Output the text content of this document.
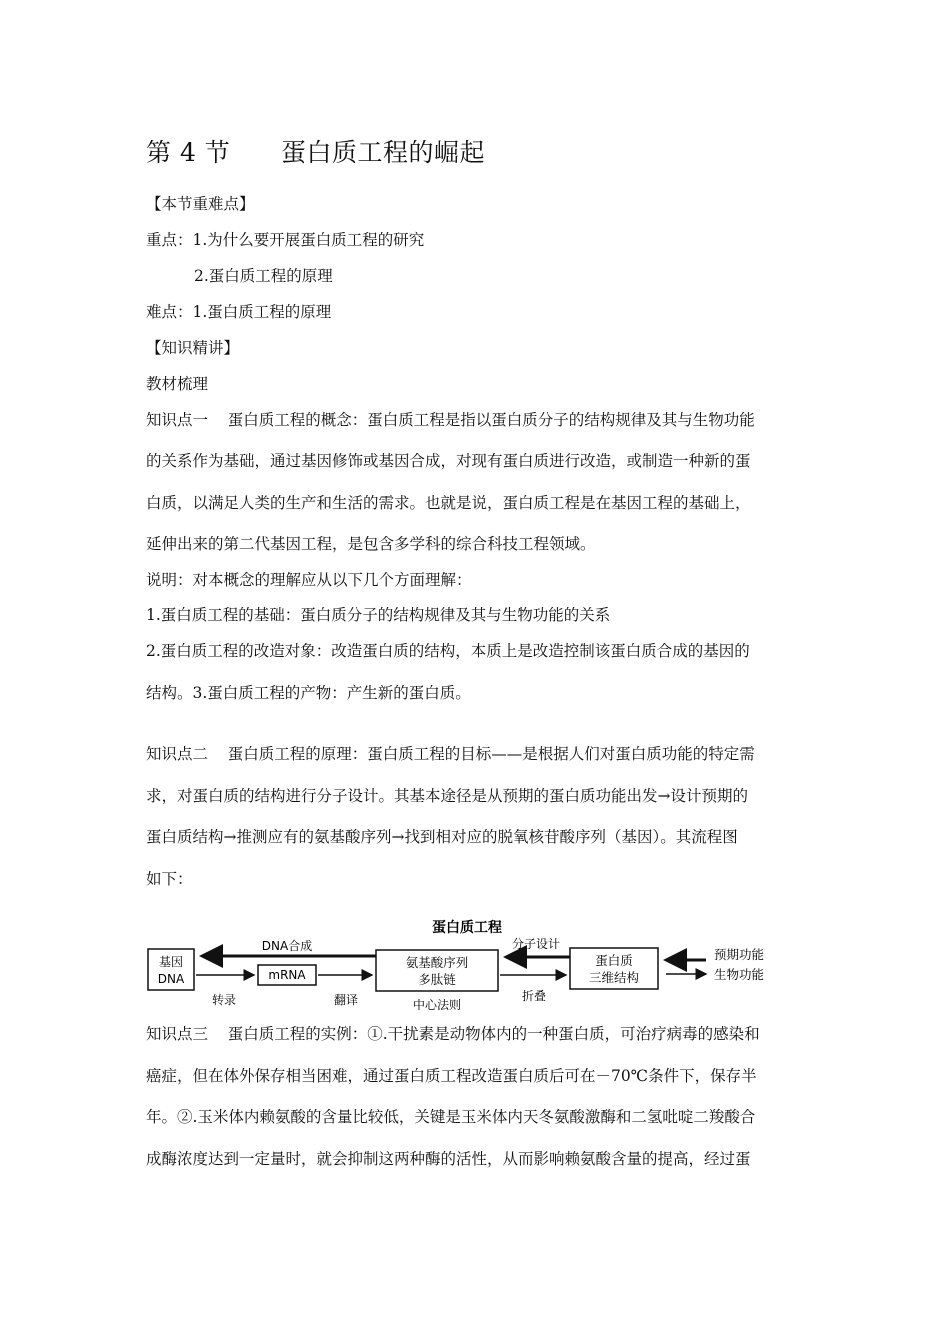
第 4 节      蛋白质工程的崛起
【本节重难点】
重点：1.为什么要开展蛋白质工程的研究
2.蛋白质工程的原理
难点：1.蛋白质工程的原理
【知识精讲】
教材梳理
知识点一    蛋白质工程的概念：蛋白质工程是指以蛋白质分子的结构规律及其与生物功能
的关系作为基础，通过基因修饰或基因合成，对现有蛋白质进行改造，或制造一种新的蛋
白质，以满足人类的生产和生活的需求。也就是说，蛋白质工程是在基因工程的基础上，
延伸出来的第二代基因工程，是包含多学科的综合科技工程领域。
说明：对本概念的理解应从以下几个方面理解：
1.蛋白质工程的基础：蛋白质分子的结构规律及其与生物功能的关系
2.蛋白质工程的改造对象：改造蛋白质的结构，本质上是改造控制该蛋白质合成的基因的
结构。3.蛋白质工程的产物：产生新的蛋白质。
知识点二    蛋白质工程的原理：蛋白质工程的目标——是根据人们对蛋白质功能的特定需
求，对蛋白质的结构进行分子设计。其基本途径是从预期的蛋白质功能出发→设计预期的
蛋白质结构→推测应有的氨基酸序列→找到相对应的脱氧核苷酸序列（基因）。其流程图
如下：
蛋白质工程
基因
DNA	mRNA
氨基酸序列
多肽链
蛋白质
三维结构
DNA合成
转录	翻译	中心法则
分子设计
折叠
预期功能
生物功能
知识点三    蛋白质工程的实例：①.干扰素是动物体内的一种蛋白质，可治疗病毒的感染和
癌症，但在体外保存相当困难，通过蛋白质工程改造蛋白质后可在－70℃条件下，保存半
年。②.玉米体内赖氨酸的含量比较低，关键是玉米体内天冬氨酸激酶和二氢吡啶二羧酸合
成酶浓度达到一定量时，就会抑制这两种酶的活性，从而影响赖氨酸含量的提高，经过蛋
